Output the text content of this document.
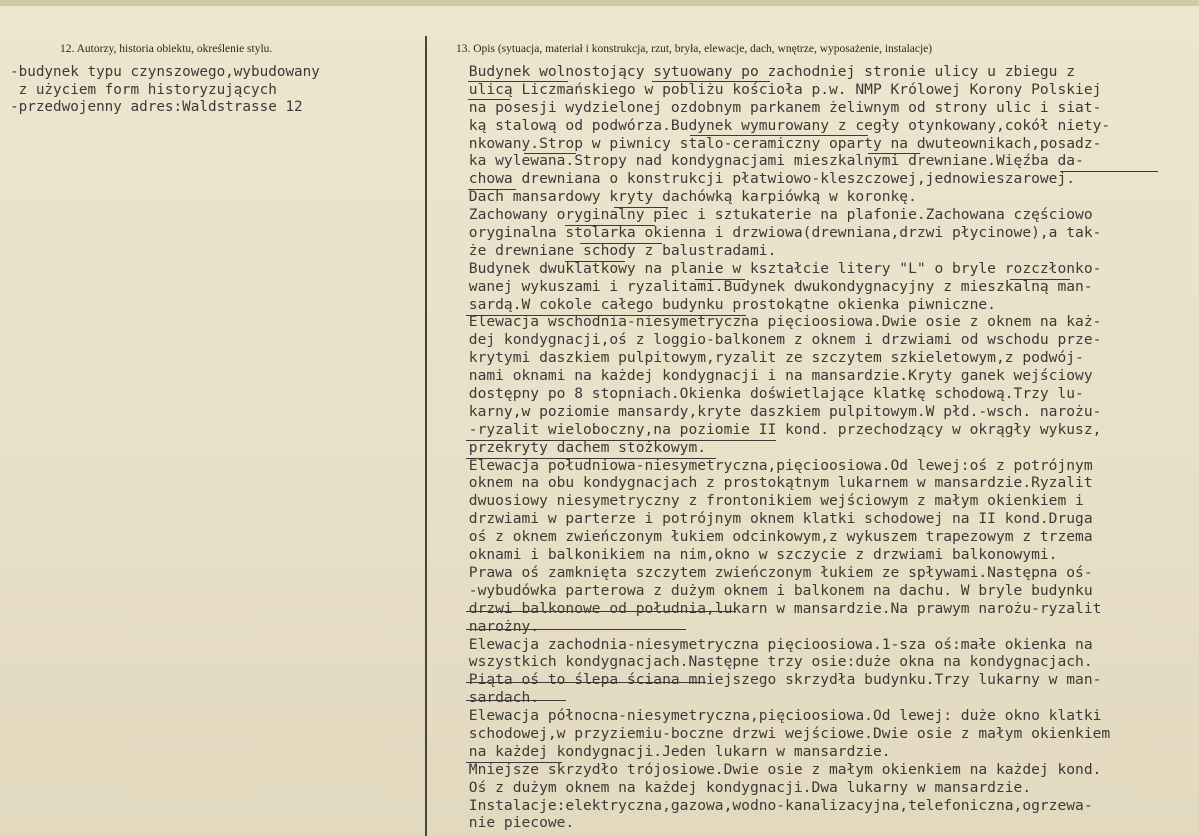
12. Autorzy, historia obiektu, określenie stylu.	13. Opis (sytuacja, materiał i konstrukcja, rzut, bryła, elewacje, dach, wnętrze, wyposażenie, instalacje)
-budynek typu czynszowego,wybudowany
z użyciem form historyzujących
-przedwojenny adres:Waldstrasse 12
Budynek wolnostojący sytuowany po zachodniej stronie ulicy u zbiegu z
ulicą Liczmańskiego w pobliżu kościoła p.w. NMP Królowej Korony Polskiej
na posesji wydzielonej ozdobnym parkanem żeliwnym od strony ulic i siat-
ką stalową od podwórza.Budynek wymurowany z cegły otynkowany,cokół niety-
nkowany.Strop w piwnicy stalo-ceramiczny oparty na dwuteownikach,posadz-
ka wylewana.Stropy nad kondygnacjami mieszkalnymi drewniane.Więźba da-
chowa drewniana o konstrukcji płatwiowo-kleszczowej,jednowieszarowej.
Dach mansardowy kryty dachówką karpiówką w koronkę.
Zachowany oryginalny piec i sztukaterie na plafonie.Zachowana częściowo
oryginalna stolarka okienna i drzwiowa(drewniana,drzwi płycinowe),a tak-
że drewniane schody z balustradami.
Budynek dwuklatkowy na planie w kształcie litery "L" o bryle rozczłonko-
wanej wykuszami i ryzalitami.Budynek dwukondygnacyjny z mieszkalną man-
sardą.W cokole całego budynku prostokątne okienka piwniczne.
Elewacja wschodnia-niesymetryczna pięcioosiowa.Dwie osie z oknem na każ-
dej kondygnacji,oś z loggio-balkonem z oknem i drzwiami od wschodu prze-
krytymi daszkiem pulpitowym,ryzalit ze szczytem szkieletowym,z podwój-
nami oknami na każdej kondygnacji i na mansardzie.Kryty ganek wejściowy
dostępny po 8 stopniach.Okienka doświetlające klatkę schodową.Trzy lu-
karny,w poziomie mansardy,kryte daszkiem pulpitowym.W płd.-wsch. narożu-
-ryzalit wieloboczny,na poziomie II kond. przechodzący w okrągły wykusz,
przekryty dachem stożkowym.
Elewacja południowa-niesymetryczna,pięcioosiowa.Od lewej:oś z potrójnym
oknem na obu kondygnacjach z prostokątnym lukarnem w mansardzie.Ryzalit
dwuosiowy niesymetryczny z frontonikiem wejściowym z małym okienkiem i
drzwiami w parterze i potrójnym oknem klatki schodowej na II kond.Druga
oś z oknem zwieńczonym łukiem odcinkowym,z wykuszem trapezowym z trzema
oknami i balkonikiem na nim,okno w szczycie z drzwiami balkonowymi.
Prawa oś zamknięta szczytem zwieńczonym łukiem ze spływami.Następna oś-
-wybudówka parterowa z dużym oknem i balkonem na dachu. W bryle budynku
drzwi balkonowe od południa,lukarn w mansardzie.Na prawym narożu-ryzalit
narożny.
Elewacja zachodnia-niesymetryczna pięcioosiowa.1-sza oś:małe okienka na
wszystkich kondygnacjach.Następne trzy osie:duże okna na kondygnacjach.
Piąta oś to ślepa ściana mniejszego skrzydła budynku.Trzy lukarny w man-
sardach.
Elewacja północna-niesymetryczna,pięcioosiowa.Od lewej: duże okno klatki
schodowej,w przyziemiu-boczne drzwi wejściowe.Dwie osie z małym okienkiem
na każdej kondygnacji.Jeden lukarn w mansardzie.
Mniejsze skrzydło trójosiowe.Dwie osie z małym okienkiem na każdej kond.
Oś z dużym oknem na każdej kondygnacji.Dwa lukarny w mansardzie.
Instalacje:elektryczna,gazowa,wodno-kanalizacyjna,telefoniczna,ogrzewa-
nie piecowe.
